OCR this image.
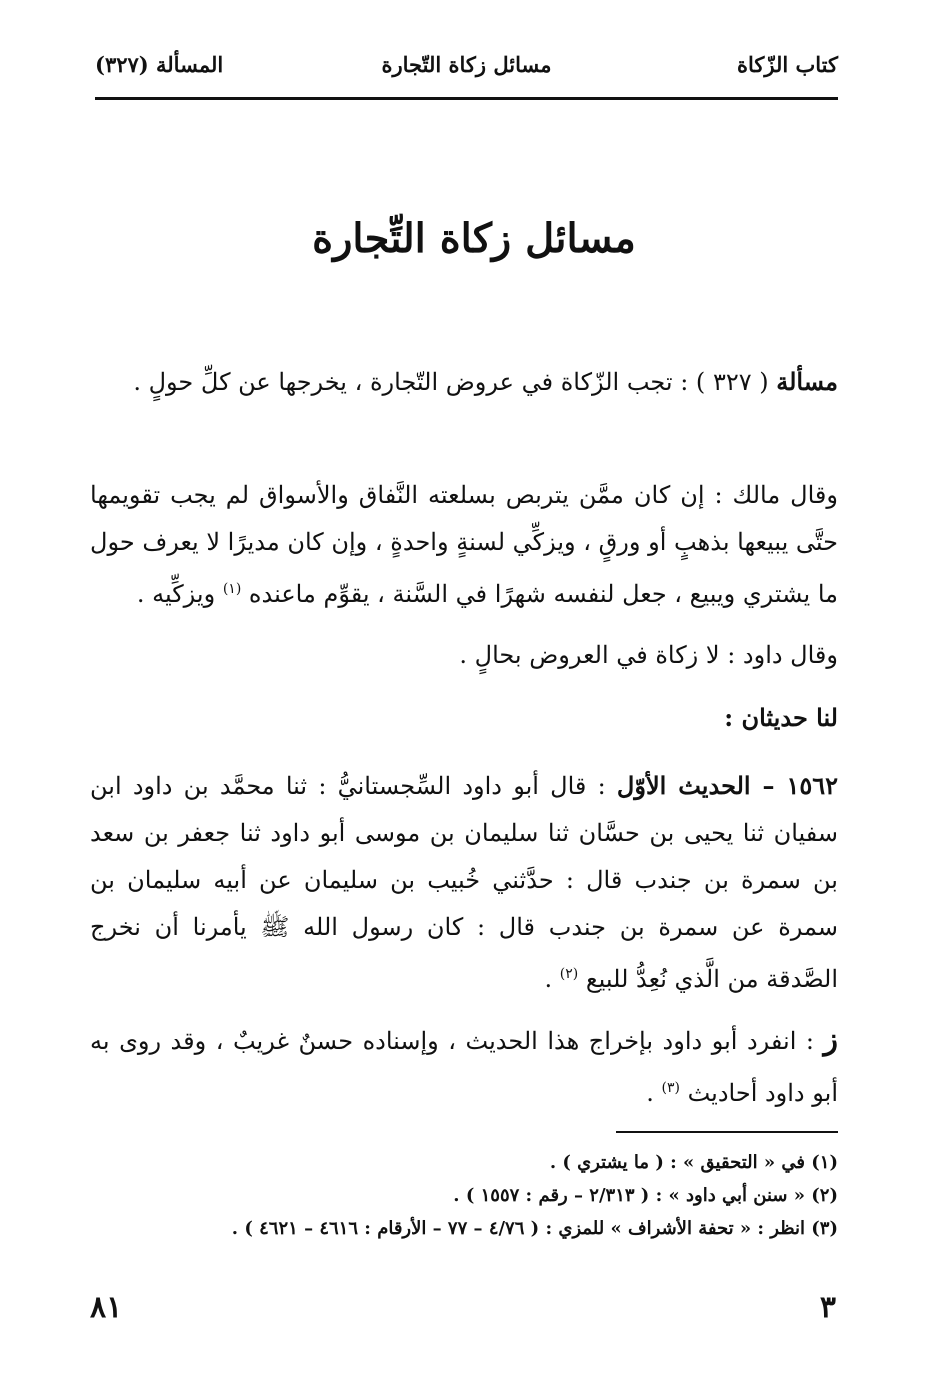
كتاب الزّكاة
مسائل زكاة التّجارة
المسألة (٣٢٧)
مسائل زكاة التِّجارة
مسألة ( ٣٢٧ ) : تجب الزّكاة في عروض التّجارة ، يخرجها عن كلِّ حولٍ .
وقال مالك : إن كان ممَّن يتربص بسلعته النَّفاق والأسواق لم يجب تقويمها حتَّى يبيعها بذهبٍ أو ورقٍ ، ويزكِّي لسنةٍ واحدةٍ ، وإن كان مديرًا لا يعرف حول ما يشتري ويبيع ، جعل لنفسه شهرًا في السَّنة ، يقوِّم ماعنده $^{(١)}$ ويزكِّيه .
وقال داود : لا زكاة في العروض بحالٍ .
لنا حديثان :
١٥٦٢ – الحديث الأوّل : قال أبو داود السِّجستانيُّ : ثنا محمَّد بن داود ابن سفيان ثنا يحيى بن حسَّان ثنا سليمان بن موسى أبو داود ثنا جعفر بن سعد بن سمرة بن جندب قال : حدَّثني خُبيب بن سليمان عن أبيه سليمان بن سمرة عن سمرة بن جندب قال : كان رسول الله ﷺ يأمرنا أن نخرج الصَّدقة من الَّذي نُعِدُّ للبيع $^{(٢)}$ .
ز : انفرد أبو داود بإخراج هذا الحديث ، وإسناده حسنٌ غريبٌ ، وقد روى به أبو داود أحاديث $^{(٣)}$ .
(١) في « التحقيق » : ( ما يشتري ) .
(٢) « سنن أبي داود » : ( ٢/٣١٣ – رقم : ١٥٥٧ ) .
(٣) انظر : « تحفة الأشراف » للمزي : ( ٤/٧٦ – ٧٧ – الأرقام : ٤٦١٦ – ٤٦٢١ ) .
٣
٨١
